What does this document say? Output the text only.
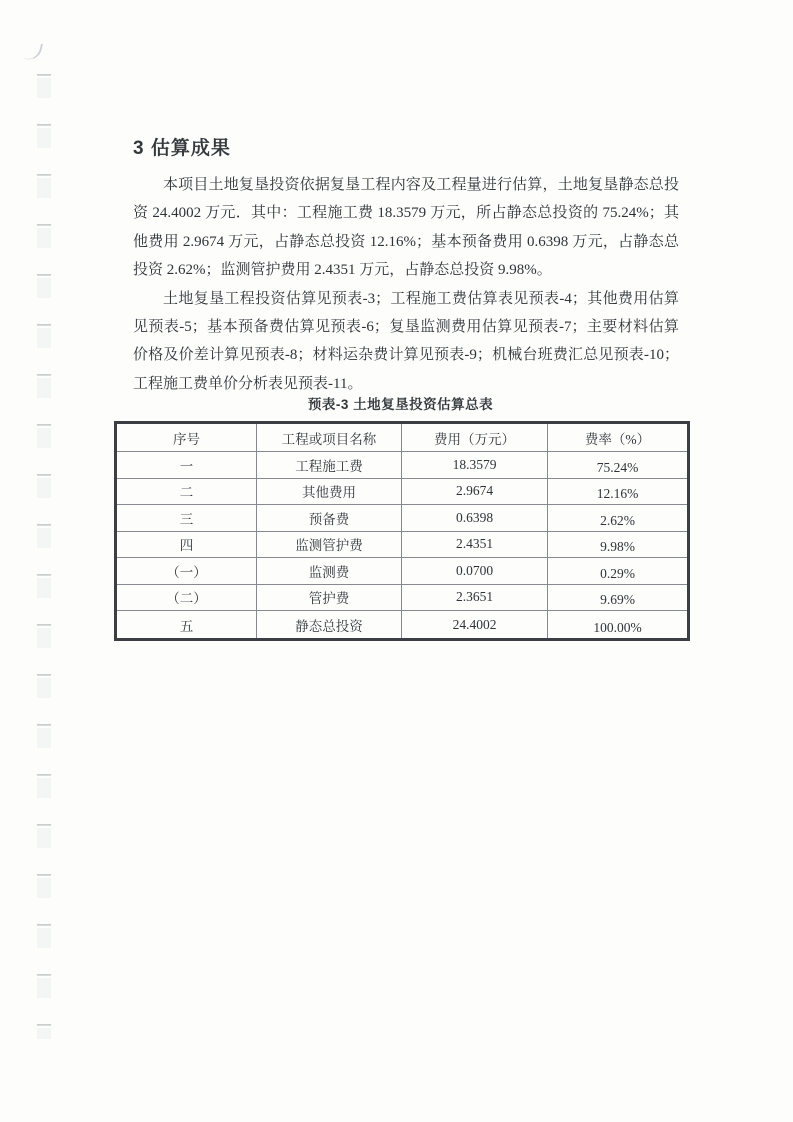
3 估算成果

本项目土地复垦投资依据复垦工程内容及工程量进行估算，土地复垦静态总投资 24.4002 万元．其中：工程施工费 18.3579 万元，所占静态总投资的 75.24%；其他费用 2.9674 万元，占静态总投资 12.16%；基本预备费用 0.6398 万元，占静态总投资 2.62%；监测管护费用 2.4351 万元，占静态总投资 9.98%。

土地复垦工程投资估算见预表-3；工程施工费估算表见预表-4；其他费用估算见预表-5；基本预备费估算见预表-6；复垦监测费用估算见预表-7；主要材料估算价格及价差计算见预表-8；材料运杂费计算见预表-9；机械台班费汇总见预表-10；工程施工费单价分析表见预表-11。

预表-3 土地复垦投资估算总表
序号	工程或项目名称	费用（万元）	费率（%）
一	工程施工费	18.3579	75.24%
二	其他费用	2.9674	12.16%
三	预备费	0.6398	2.62%
四	监测管护费	2.4351	9.98%
（一）	监测费	0.0700	0.29%
（二）	管护费	2.3651	9.69%
五	静态总投资	24.4002	100.00%
